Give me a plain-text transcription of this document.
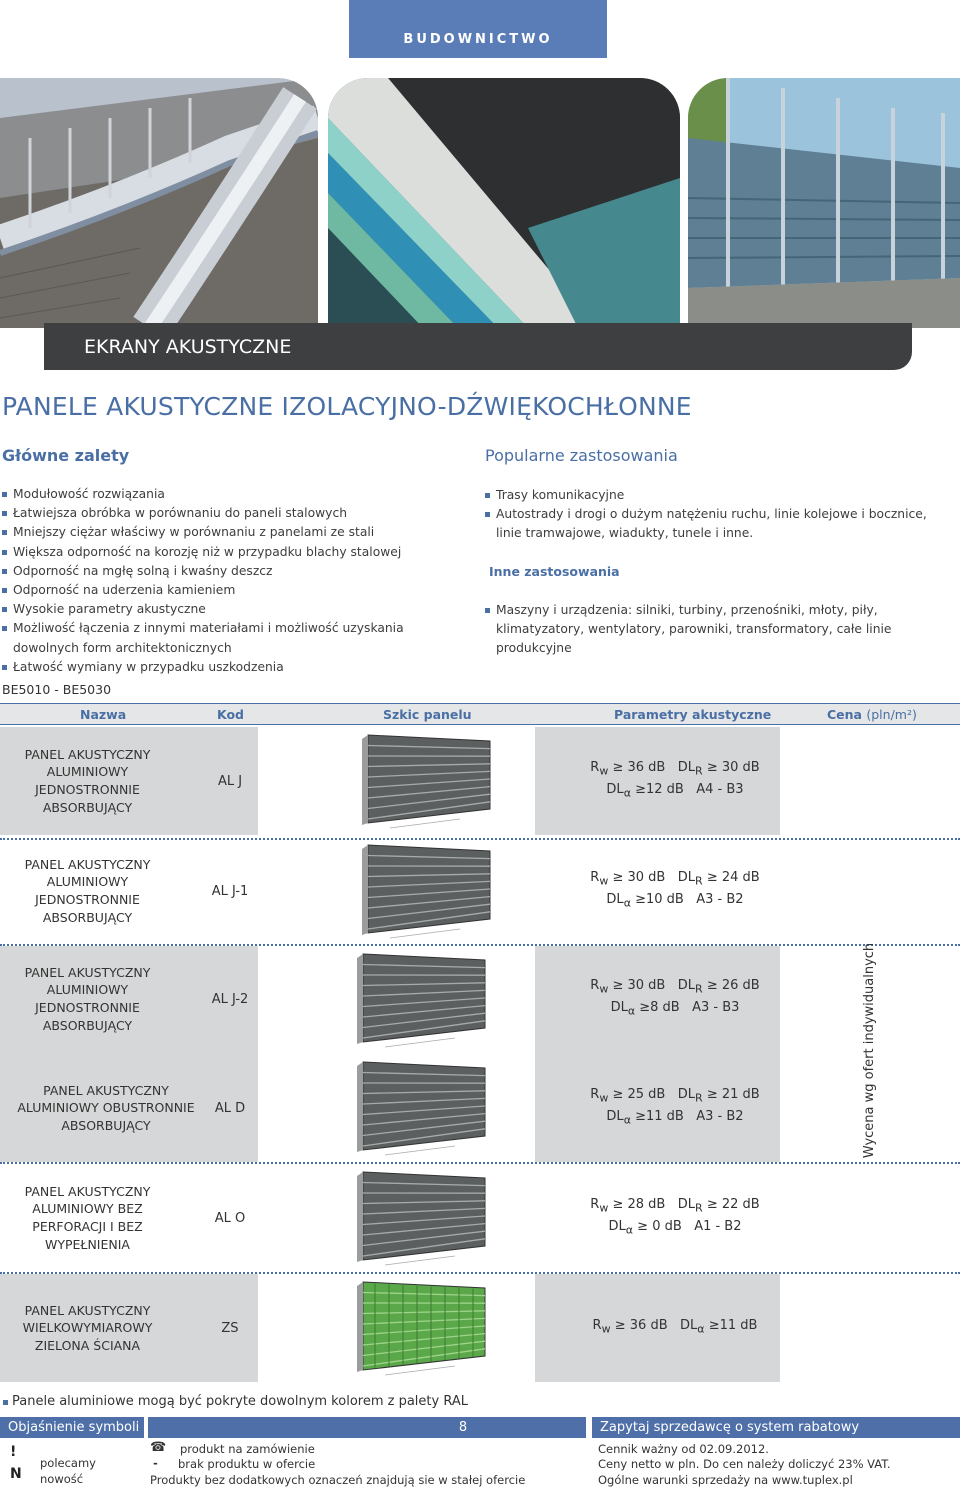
BUDOWNICTWO
EKRANY AKUSTYCZNE
PANELE AKUSTYCZNE IZOLACYJNO-DŹWIĘKOCHŁONNE
Główne zalety
Modułowość rozwiązania
Łatwiejsza obróbka w porównaniu do paneli stalowych
Mniejszy ciężar właściwy w porównaniu z panelami ze stali
Większa odporność na korozję niż w przypadku blachy stalowej
Odporność na mgłę solną i kwaśny deszcz
Odporność na uderzenia kamieniem
Wysokie parametry akustyczne
Możliwość łączenia z innymi materiałami i możliwość uzyskania dowolnych form architektonicznych
Łatwość wymiany w przypadku uszkodzenia
Popularne zastosowania
Trasy komunikacyjne
Autostrady i drogi o dużym natężeniu ruchu, linie kolejowe i bocznice, linie tramwajowe, wiadukty, tunele i inne.
Inne zastosowania
Maszyny i urządzenia: silniki, turbiny, przenośniki, młoty, piły, klimatyzatory, wentylatory, parowniki, transformatory, całe linie produkcyjne
BE5010 - BE5030
Nazwa	Kod	Szkic panelu	Parametry akustyczne	Cena (pln/m²)
PANEL AKUSTYCZNY ALUMINIOWY JEDNOSTRONNIE ABSORBUJĄCY
AL J
$R_w \ge 36$ dB $DL_R \ge 30$ dB
$DL_\alpha \ge 12$ dB A4 - B3
PANEL AKUSTYCZNY ALUMINIOWY JEDNOSTRONNIE ABSORBUJĄCY
AL J-1
$R_w \ge 30$ dB $DL_R \ge 24$ dB
$DL_\alpha \ge 10$ dB A3 - B2
PANEL AKUSTYCZNY ALUMINIOWY JEDNOSTRONNIE ABSORBUJĄCY
AL J-2
$R_w \ge 30$ dB $DL_R \ge 26$ dB
$DL_\alpha \ge 8$ dB A3 - B3
PANEL AKUSTYCZNY ALUMINIOWY OBUSTRONNIE ABSORBUJĄCY
AL D
$R_w \ge 25$ dB $DL_R \ge 21$ dB
$DL_\alpha \ge 11$ dB A3 - B2	Wycena wg ofert indywidualnych
PANEL AKUSTYCZNY ALUMINIOWY BEZ PERFORACJI I BEZ WYPEŁNIENIA
AL O
$R_w \ge 28$ dB $DL_R \ge 22$ dB
$DL_\alpha \ge 0$ dB A1 - B2
PANEL AKUSTYCZNY WIELKOWYMIAROWY ZIELONA ŚCIANA
ZS	$R_w \ge 36$ dB $DL_\alpha \ge 11$ dB
Panele aluminiowe mogą być pokryte dowolnym kolorem z palety RAL
Objaśnienie symboli	8	Zapytaj sprzedawcę o system rabatowy
!
polecamy
N nowość
☎ produkt na zamówienie
- brak produktu w ofercie
Produkty bez dodatkowych oznaczeń znajdują sie w stałej ofercie
Cennik ważny od 02.09.2012.
Ceny netto w pln. Do cen należy doliczyć 23% VAT.
Ogólne warunki sprzedaży na www.tuplex.pl
